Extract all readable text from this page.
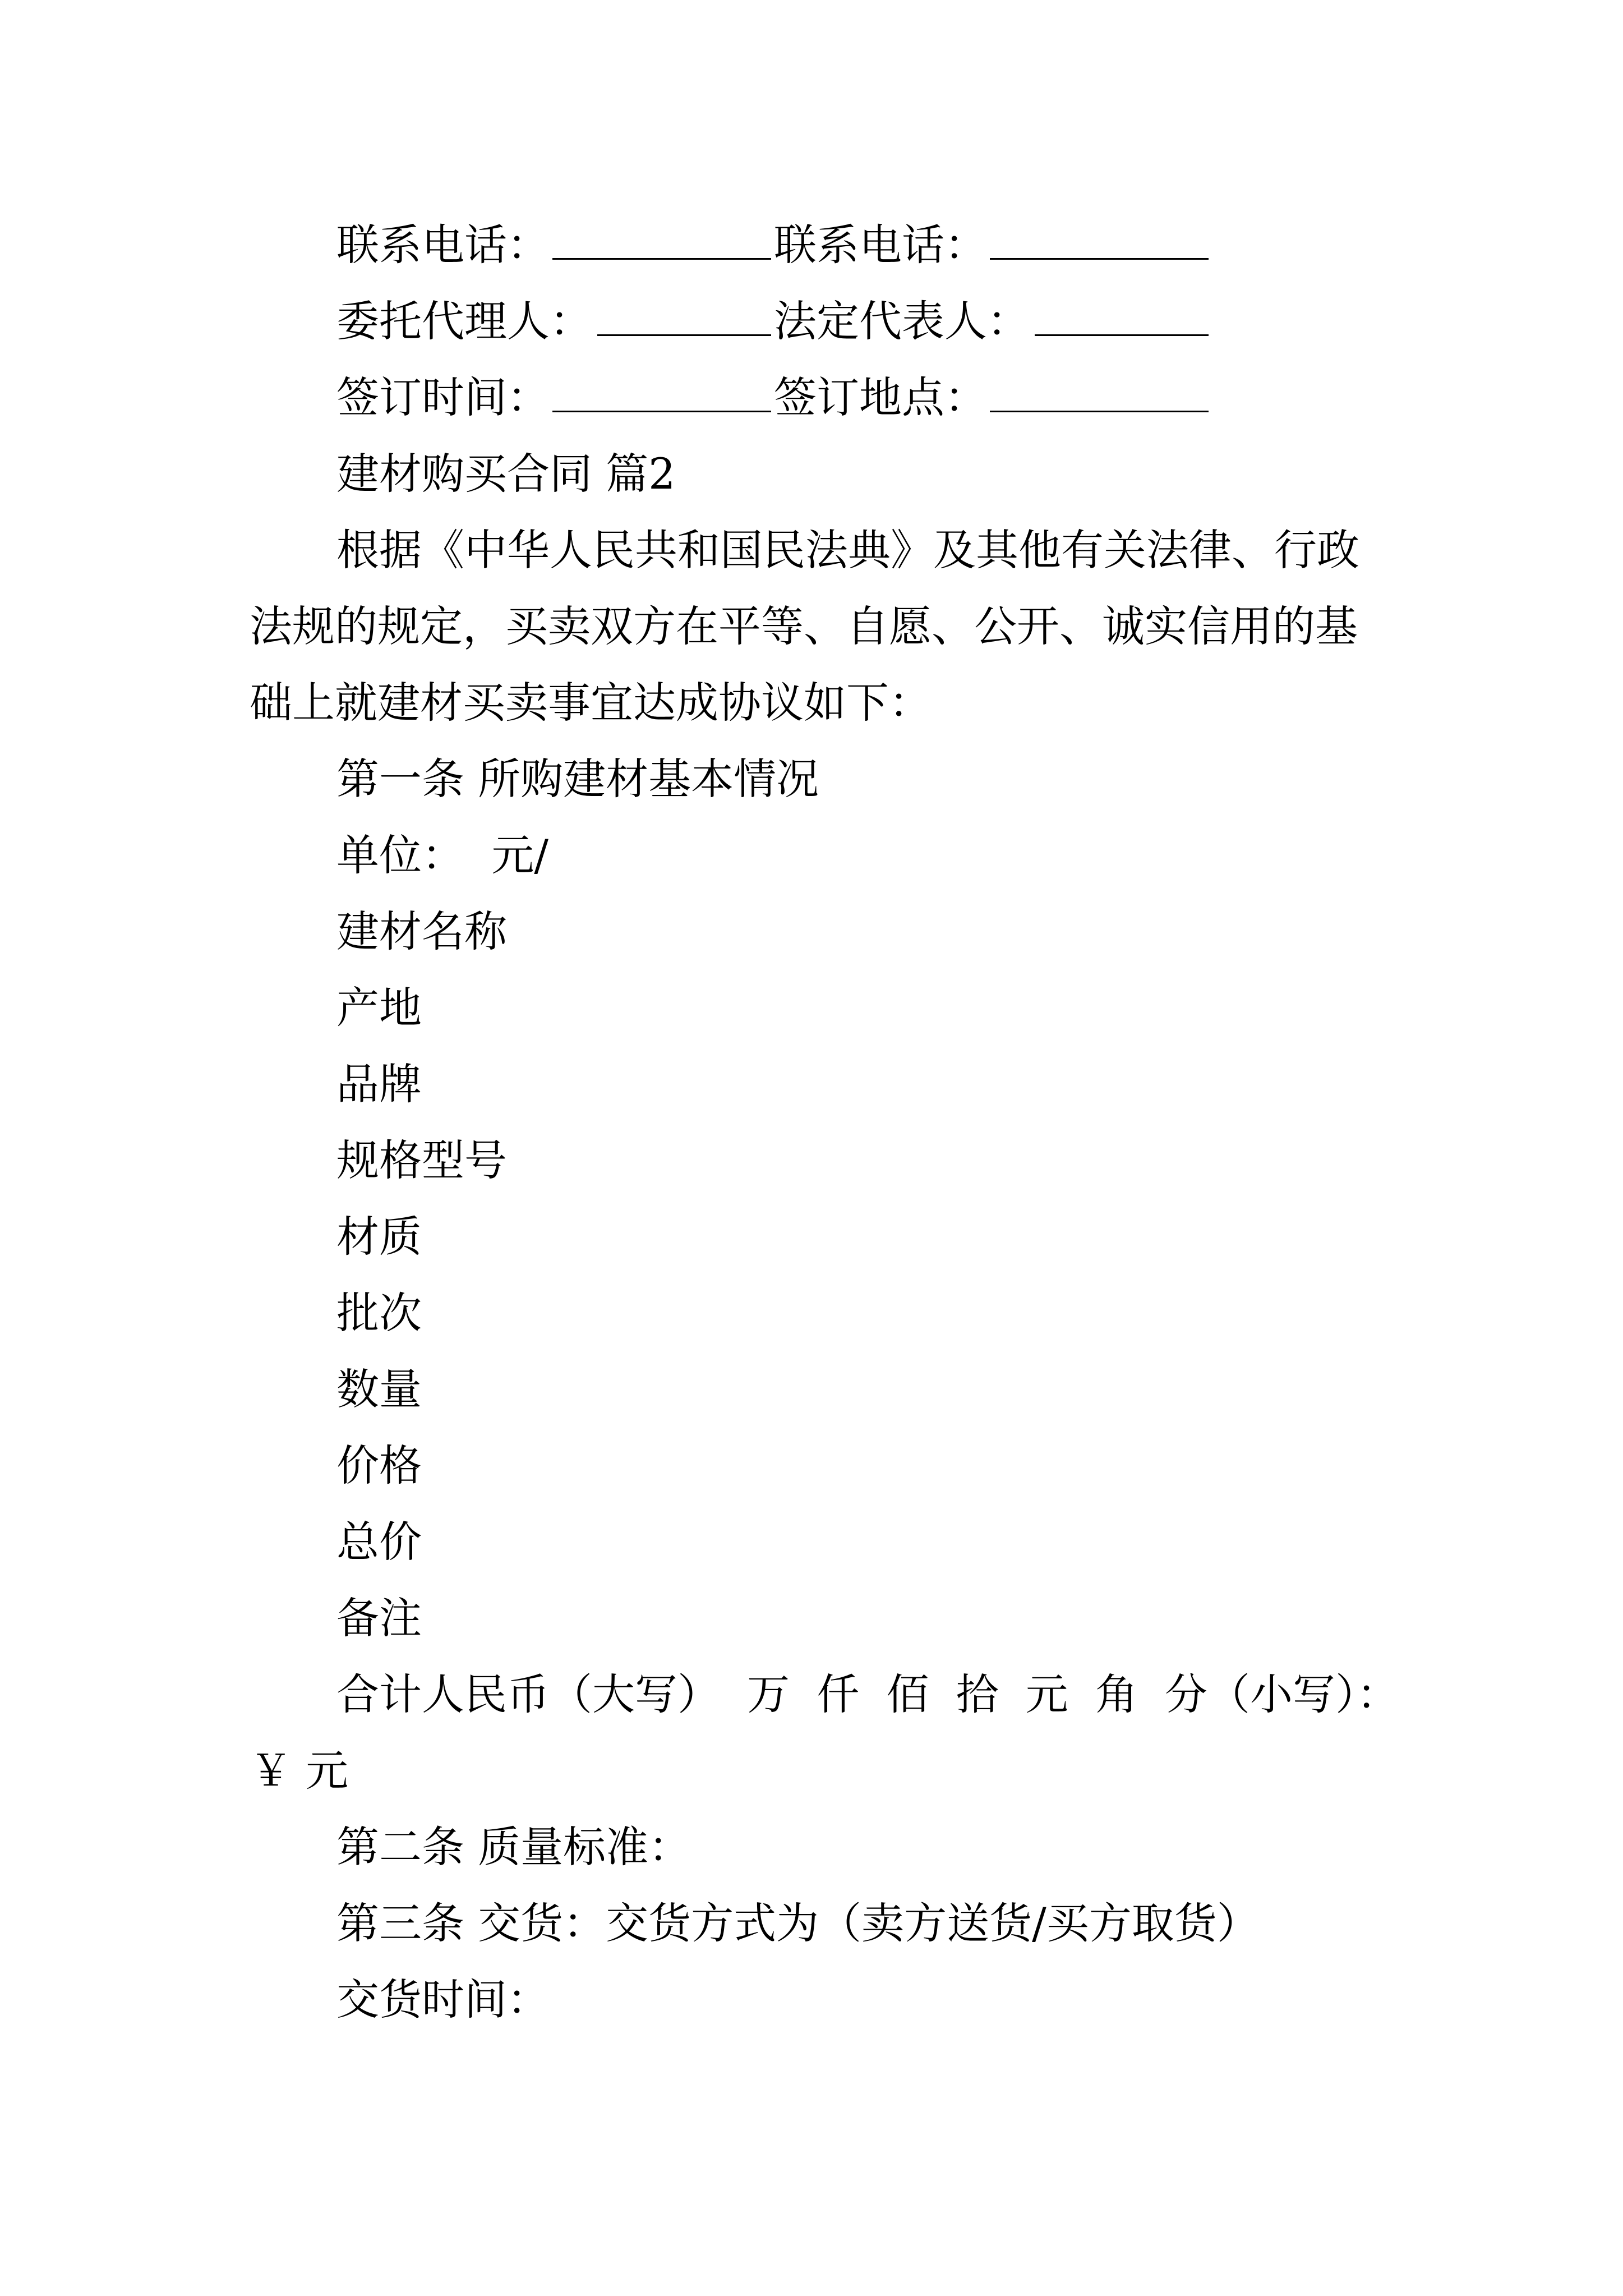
联系电话：	联系电话：
委托代理人：	法定代表人：
签订时间：	签订地点：
建材购买合同 篇2
根据《中华人民共和国民法典》及其他有关法律、行政
法规的规定，买卖双方在平等、自愿、公开、诚实信用的基
础上就建材买卖事宜达成协议如下：
第一条 所购建材基本情况
单位：  元/
建材名称
产地
品牌
规格型号
材质
批次
数量
价格
总价
备注
合计人民币（大写） 万 仟 佰 拾 元 角 分（小写）：
￥ 元
第二条 质量标准：
第三条 交货：交货方式为（卖方送货/买方取货）
交货时间：
